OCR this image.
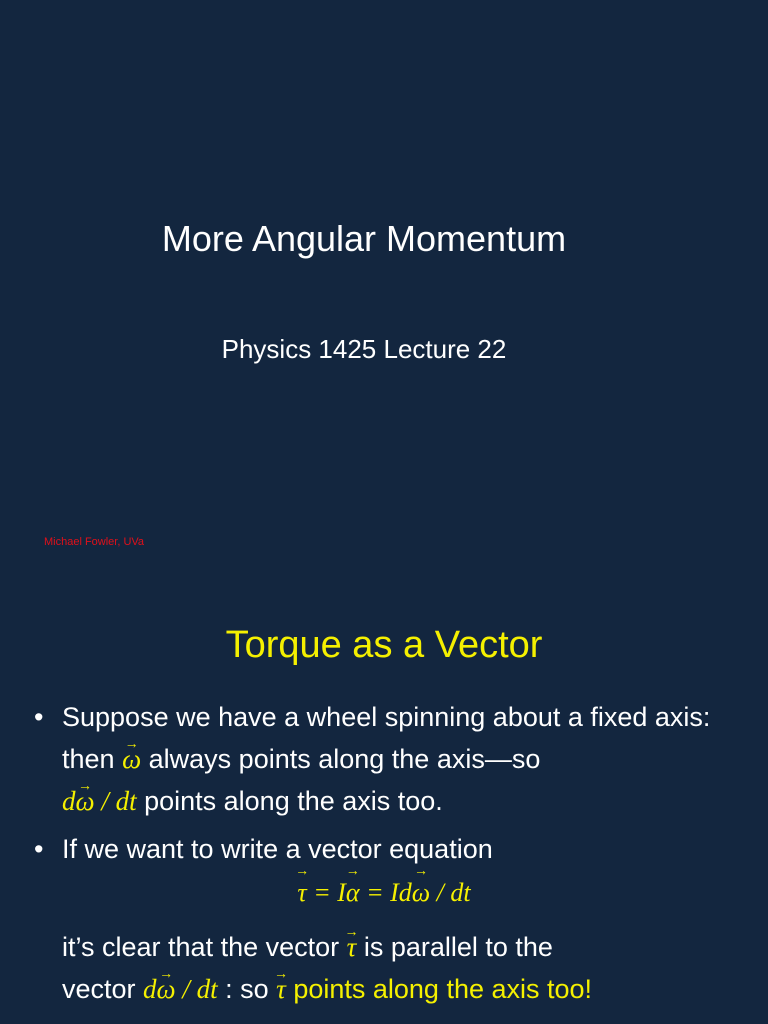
More Angular Momentum
Physics 1425 Lecture 22
Michael Fowler, UVa
Torque as a Vector
• Suppose we have a wheel spinning about a fixed axis: then ω → always points along the axis—so
dω → / dt points along the axis too.
• If we want to write a vector equation
τ → = Iα → = Idω → / dt
it’s clear that the vector τ → is parallel to the
vector dω → / dt : so τ → points along the axis too!
